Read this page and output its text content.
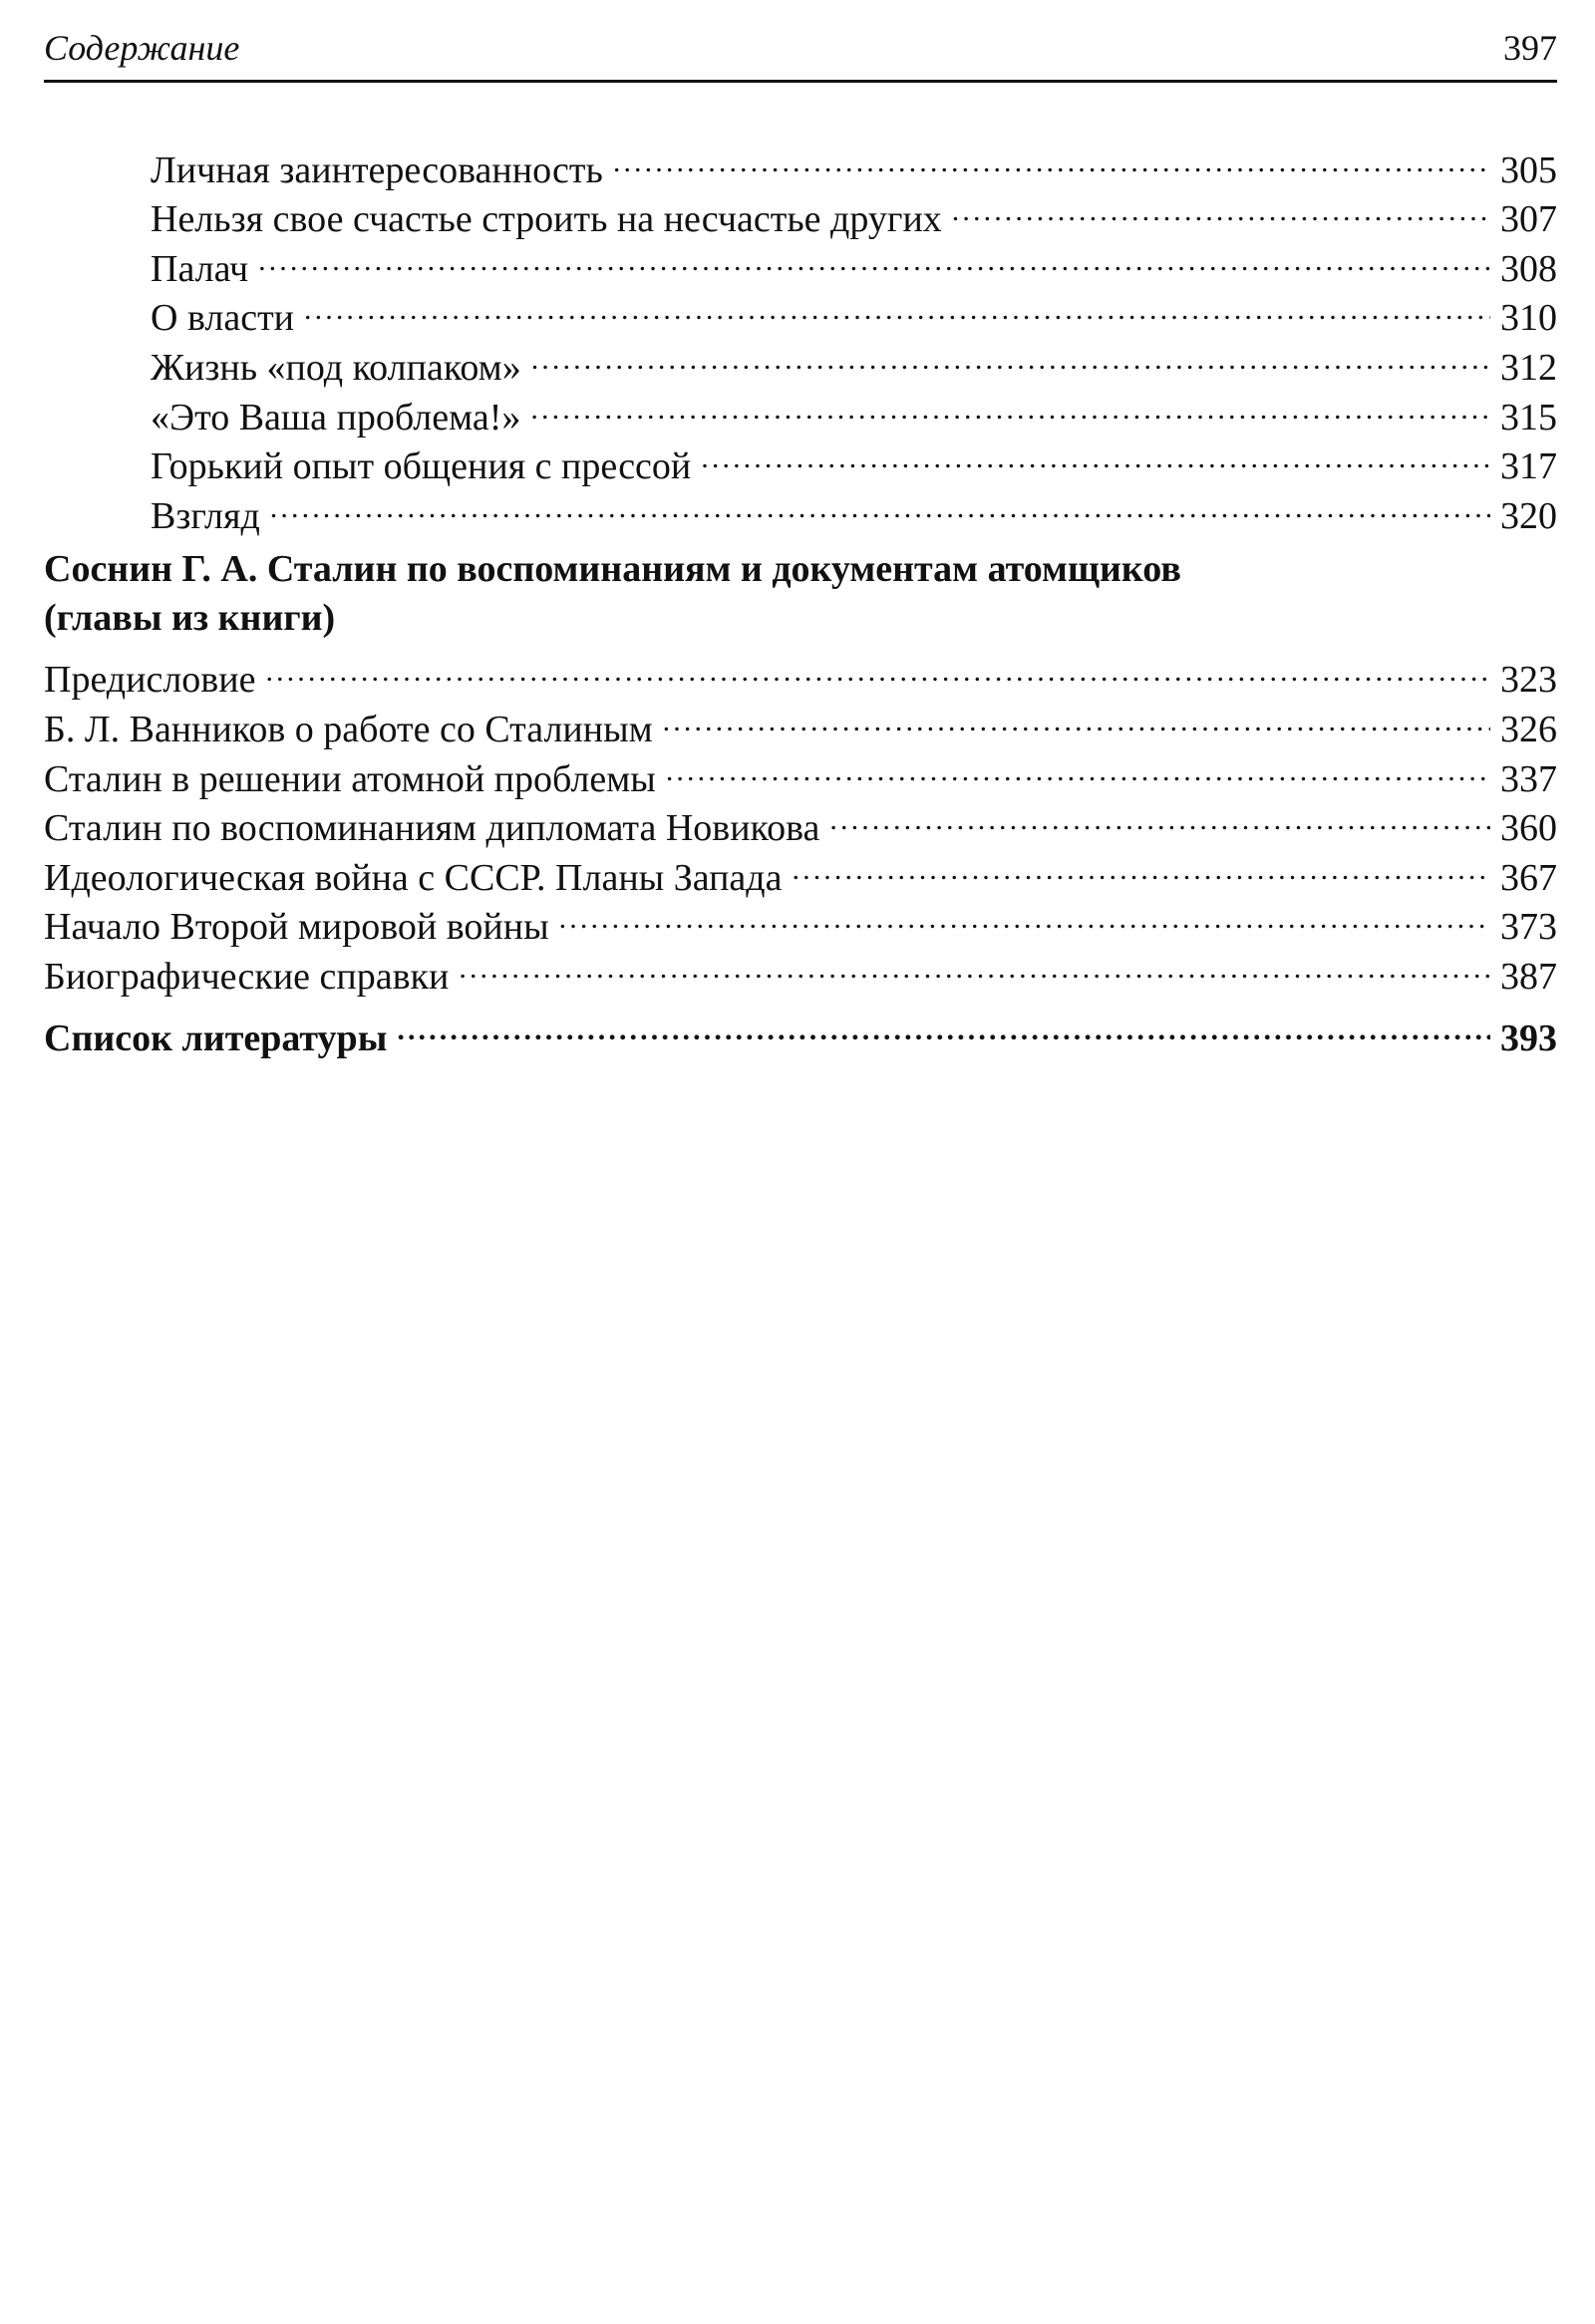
Содержание	397
Личная заинтересованность .....	305
Нельзя свое счастье строить на несчастье других .....	307
Палач .....	308
О власти .....	310
Жизнь «под колпаком» .....	312
«Это Ваша проблема!» .....	315
Горький опыт общения с прессой .....	317
Взгляд .....	320
Соснин Г. А. Сталин по воспоминаниям и документам атомщиков
(главы из книги)
Предисловие .....	323
Б. Л. Ванников о работе со Сталиным .....	326
Сталин в решении атомной проблемы .....	337
Сталин по воспоминаниям дипломата Новикова .....	360
Идеологическая война с СССР. Планы Запада .....	367
Начало Второй мировой войны .....	373
Биографические справки .....	387
Список литературы .....	393
